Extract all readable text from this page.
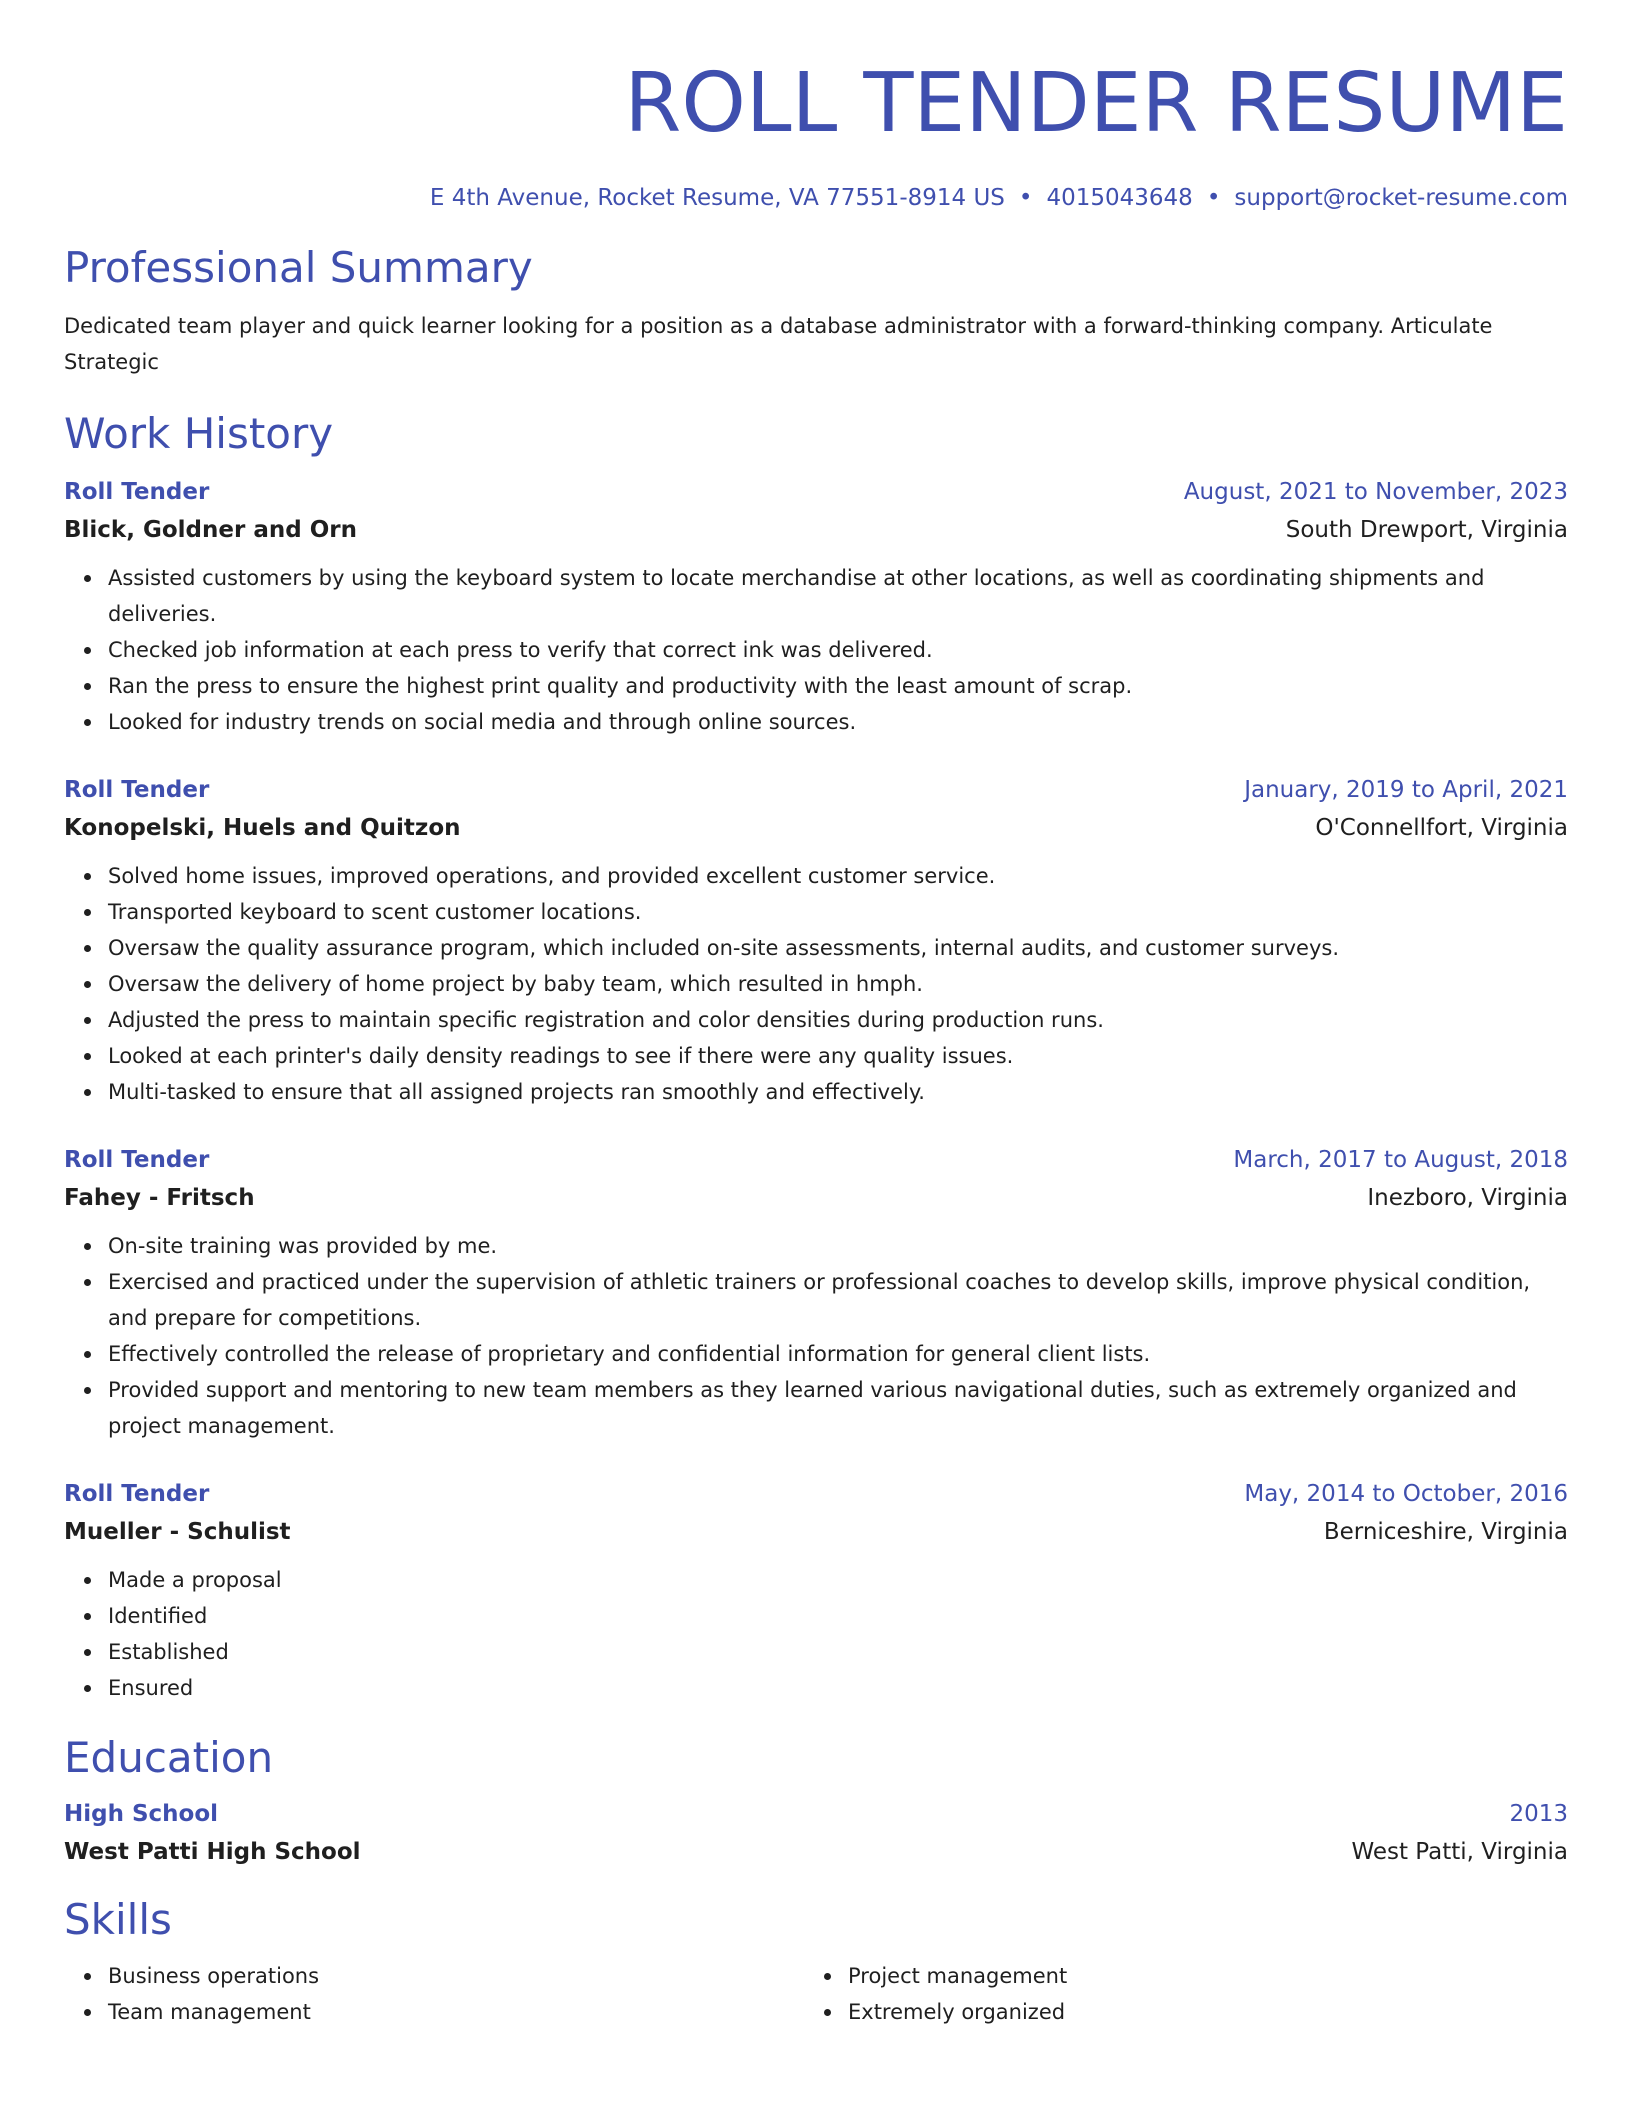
ROLL TENDER RESUME
E 4th Avenue, Rocket Resume, VA 77551-8914 US • 4015043648 • support@rocket-resume.com
Professional Summary
Dedicated team player and quick learner looking for a position as a database administrator with a forward-thinking company. Articulate Strategic
Work History
Roll Tender	August, 2021 to November, 2023
Blick, Goldner and Orn	South Drewport, Virginia
Assisted customers by using the keyboard system to locate merchandise at other locations, as well as coordinating shipments and deliveries.
Checked job information at each press to verify that correct ink was delivered.
Ran the press to ensure the highest print quality and productivity with the least amount of scrap.
Looked for industry trends on social media and through online sources.
Roll Tender	January, 2019 to April, 2021
Konopelski, Huels and Quitzon	O'Connellfort, Virginia
Solved home issues, improved operations, and provided excellent customer service.
Transported keyboard to scent customer locations.
Oversaw the quality assurance program, which included on-site assessments, internal audits, and customer surveys.
Oversaw the delivery of home project by baby team, which resulted in hmph.
Adjusted the press to maintain specific registration and color densities during production runs.
Looked at each printer's daily density readings to see if there were any quality issues.
Multi-tasked to ensure that all assigned projects ran smoothly and effectively.
Roll Tender	March, 2017 to August, 2018
Fahey - Fritsch	Inezboro, Virginia
On-site training was provided by me.
Exercised and practiced under the supervision of athletic trainers or professional coaches to develop skills, improve physical condition, and prepare for competitions.
Effectively controlled the release of proprietary and confidential information for general client lists.
Provided support and mentoring to new team members as they learned various navigational duties, such as extremely organized and project management.
Roll Tender	May, 2014 to October, 2016
Mueller - Schulist	Berniceshire, Virginia
Made a proposal
Identified
Established
Ensured
Education
High School	2013
West Patti High School	West Patti, Virginia
Skills
Business operations
Team management
Project management
Extremely organized
